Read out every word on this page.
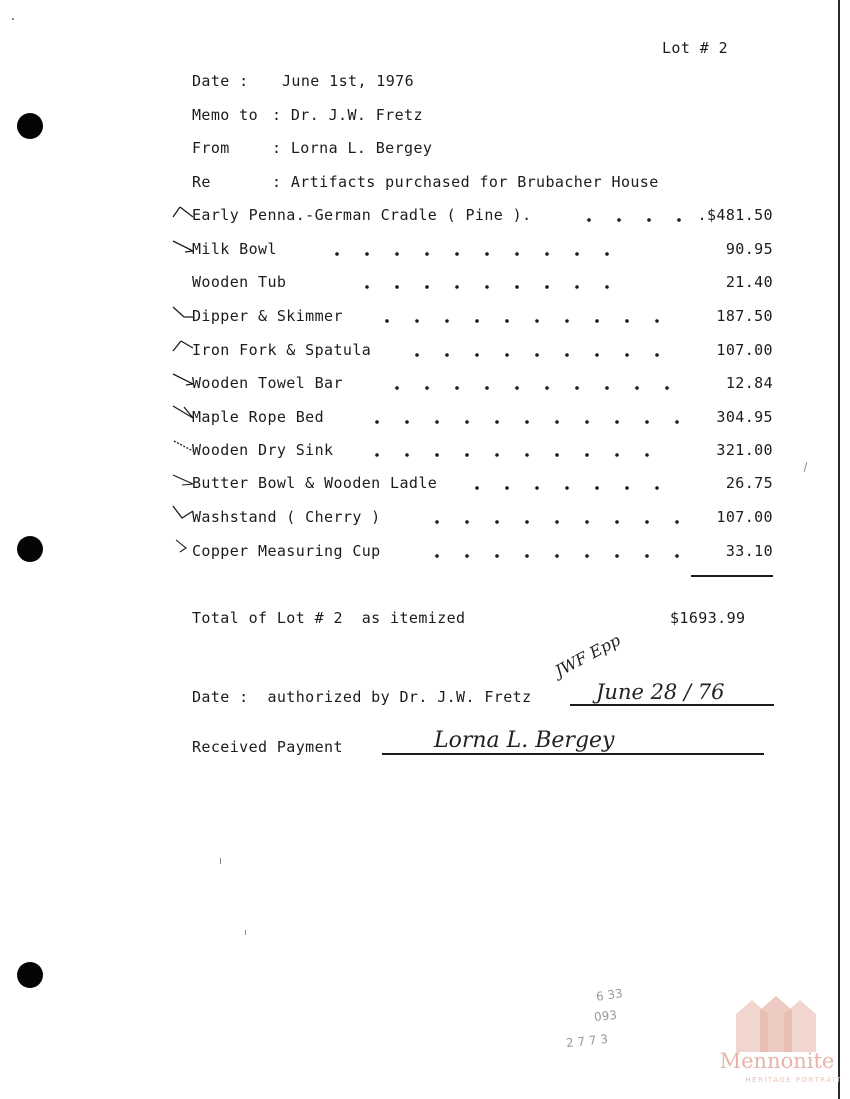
Lot # 2
Date : June 1st, 1976
Memo to : Dr. J.W. Fretz
From	: Lorna L. Bergey
Re	: Artifacts purchased for Brubacher House
Early Penna.-German Cradle ( Pine ).	.$481.50
Milk Bowl	90.95
Wooden Tub	21.40
Dipper & Skimmer	187.50
Iron Fork & Spatula	107.00
Wooden Towel Bar	12.84
Maple Rope Bed	304.95
Wooden Dry Sink	321.00
Butter Bowl & Wooden Ladle	26.75
Washstand ( Cherry )	107.00
Copper Measuring Cup	33.10
Total of Lot # 2  as itemized	$1693.99
Date :  authorized by Dr. J.W. Fretz
JWF Epp
June 28 / 76
Received Payment	Lorna L. Bergey
6 33
093
2 7 7 3
Mennonite
HERITAGE PORTRAIT
